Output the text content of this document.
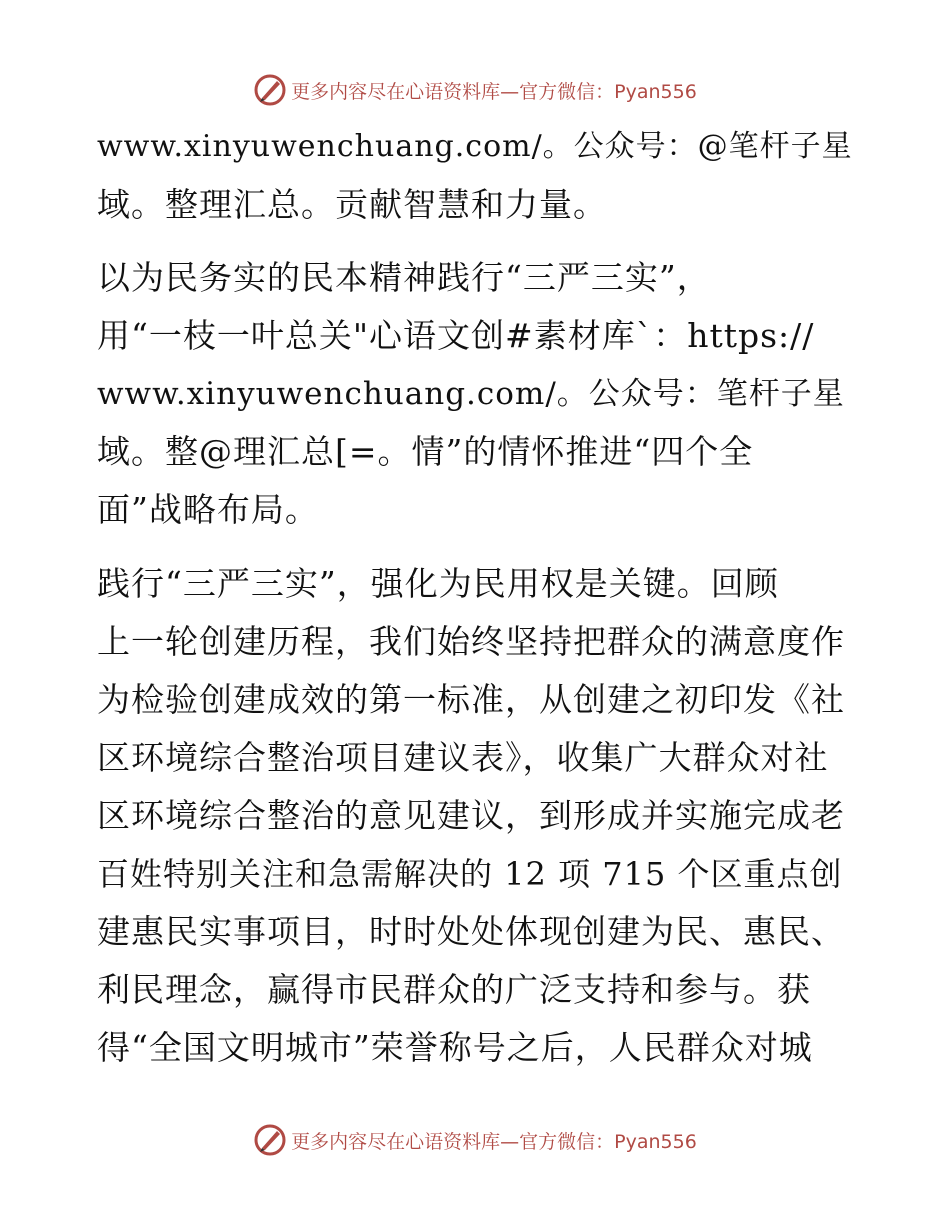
更多内容尽在心语资料库—官方微信：Pyan556

www.xinyuwenchuang.com/。公众号：@笔杆子星
域。整理汇总。贡献智慧和力量。

以为民务实的民本精神践行“三严三实”，
用“一枝一叶总关"心语文创#素材库`：https://
www.xinyuwenchuang.com/。公众号：笔杆子星
域。整@理汇总[=。情”的情怀推进“四个全
面”战略布局。

践行“三严三实”，强化为民用权是关键。回顾
上一轮创建历程，我们始终坚持把群众的满意度作
为检验创建成效的第一标准，从创建之初印发《社
区环境综合整治项目建议表》，收集广大群众对社
区环境综合整治的意见建议，到形成并实施完成老
百姓特别关注和急需解决的 12 项 715 个区重点创
建惠民实事项目，时时处处体现创建为民、惠民、
利民理念，赢得市民群众的广泛支持和参与。获
得“全国文明城市”荣誉称号之后，人民群众对城

更多内容尽在心语资料库—官方微信：Pyan556
